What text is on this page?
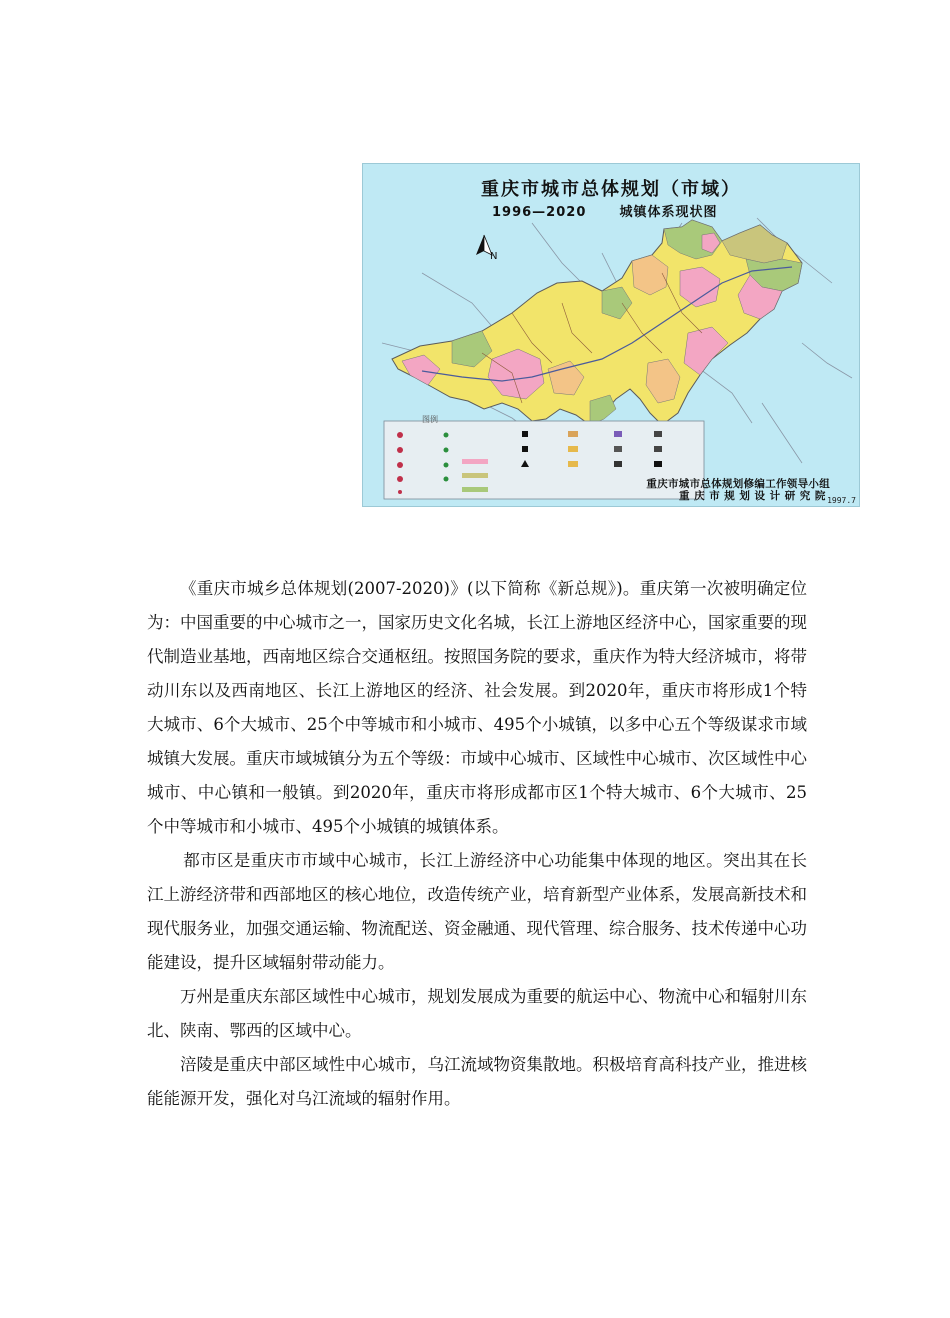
N
重庆市城市总体规划（市域）
1996—2020      城镇体系现状图
图例
重庆市城市总体规划修编工作领导小组
重庆市规划设计研究院
1997.7

《重庆市城乡总体规划(2007-2020)》(以下简称《新总规》)。重庆第一次被明确定位为：中国重要的中心城市之一，国家历史文化名城，长江上游地区经济中心，国家重要的现代制造业基地，西南地区综合交通枢纽。按照国务院的要求，重庆作为特大经济城市，将带动川东以及西南地区、长江上游地区的经济、社会发展。到2020年，重庆市将形成1个特大城市、6个大城市、25个中等城市和小城市、495个小城镇，以多中心五个等级谋求市域城镇大发展。重庆市域城镇分为五个等级：市域中心城市、区域性中心城市、次区域性中心城市、中心镇和一般镇。到2020年，重庆市将形成都市区1个特大城市、6个大城市、25个中等城市和小城市、495个小城镇的城镇体系。

都市区是重庆市市域中心城市，长江上游经济中心功能集中体现的地区。突出其在长江上游经济带和西部地区的核心地位，改造传统产业，培育新型产业体系，发展高新技术和现代服务业，加强交通运输、物流配送、资金融通、现代管理、综合服务、技术传递中心功能建设，提升区域辐射带动能力。

万州是重庆东部区域性中心城市，规划发展成为重要的航运中心、物流中心和辐射川东北、陕南、鄂西的区域中心。

涪陵是重庆中部区域性中心城市，乌江流域物资集散地。积极培育高科技产业，推进核能能源开发，强化对乌江流域的辐射作用。
